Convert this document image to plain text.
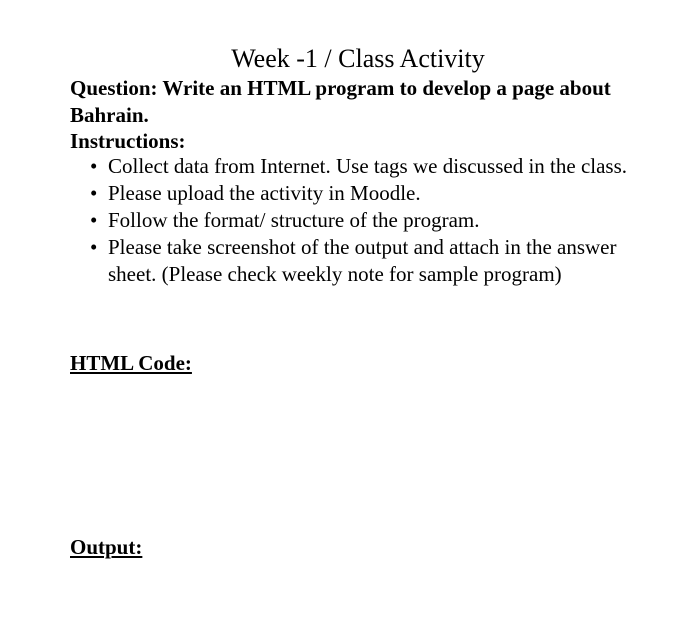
Week -1 / Class Activity

Question: Write an HTML program to develop a page about Bahrain.

Instructions:

• Collect data from Internet. Use tags we discussed in the class.
• Please upload the activity in Moodle.
• Follow the format/ structure of the program.
• Please take screenshot of the output and attach in the answer sheet. (Please check weekly note for sample program)

HTML Code:

Output:
